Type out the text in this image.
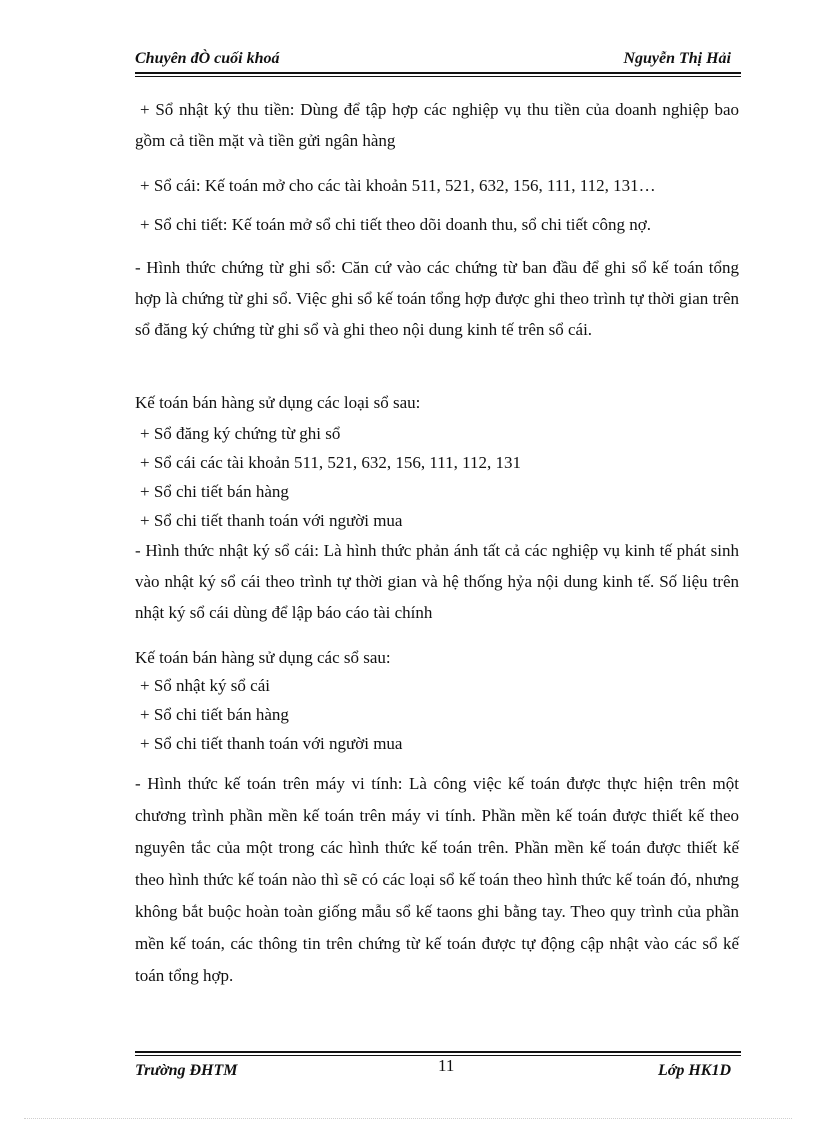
Chuyên đÒ cuối khoá	Nguyễn Thị Hải
+ Sổ nhật ký thu tiền: Dùng để tập hợp các nghiệp vụ thu tiền của doanh nghiệp bao gồm cả tiền mặt và tiền gửi ngân hàng
+ Sổ cái: Kế toán mở cho các tài khoản 511, 521, 632, 156, 111, 112, 131…
+ Sổ chi tiết: Kế toán mở sổ chi tiết theo dõi doanh thu, sổ chi tiết công nợ.
- Hình thức chứng từ ghi sổ: Căn cứ vào các chứng từ ban đầu để ghi sổ kế toán tổng hợp là chứng từ ghi sổ. Việc ghi sổ kế toán tổng hợp được ghi theo trình tự thời gian trên sổ đăng ký chứng từ ghi sổ và ghi theo nội dung kinh tế trên sổ cái.
Kế toán bán hàng sử dụng các loại sổ sau:
+ Sổ đăng ký chứng từ ghi sổ
+ Sổ cái các tài khoản 511, 521, 632, 156, 111, 112, 131
+ Sổ chi tiết bán hàng
+ Sổ chi tiết thanh toán với người mua
- Hình thức nhật ký sổ cái: Là hình thức phản ánh tất cả các nghiệp vụ kinh tế phát sinh vào nhật ký sổ cái theo trình tự thời gian và hệ thống hỷa nội dung kinh tế. Số liệu trên nhật ký sổ cái dùng để lập báo cáo tài chính
Kế toán bán hàng sử dụng các sổ sau:
+ Sổ nhật ký sổ cái
+ Sổ chi tiết bán hàng
+ Sổ chi tiết thanh toán với người mua
- Hình thức kế toán trên máy vi tính: Là công việc kế toán được thực hiện trên một chương trình phần mền kế toán trên máy vi tính. Phần mền kế toán được thiết kế theo nguyên tắc của một trong các hình thức kế toán trên. Phần mền kế toán được thiết kế theo hình thức kế toán nào thì sẽ có các loại sổ kế toán theo hình thức kế toán đó, nhưng không bắt buộc hoàn toàn giống mẫu sổ kế taons ghi bằng tay. Theo quy trình của phần mền kế toán, các thông tin trên chứng từ kế toán được tự động cập nhật vào các sổ kế toán tổng hợp.
Trường ĐHTM	11	Lớp HK1D
